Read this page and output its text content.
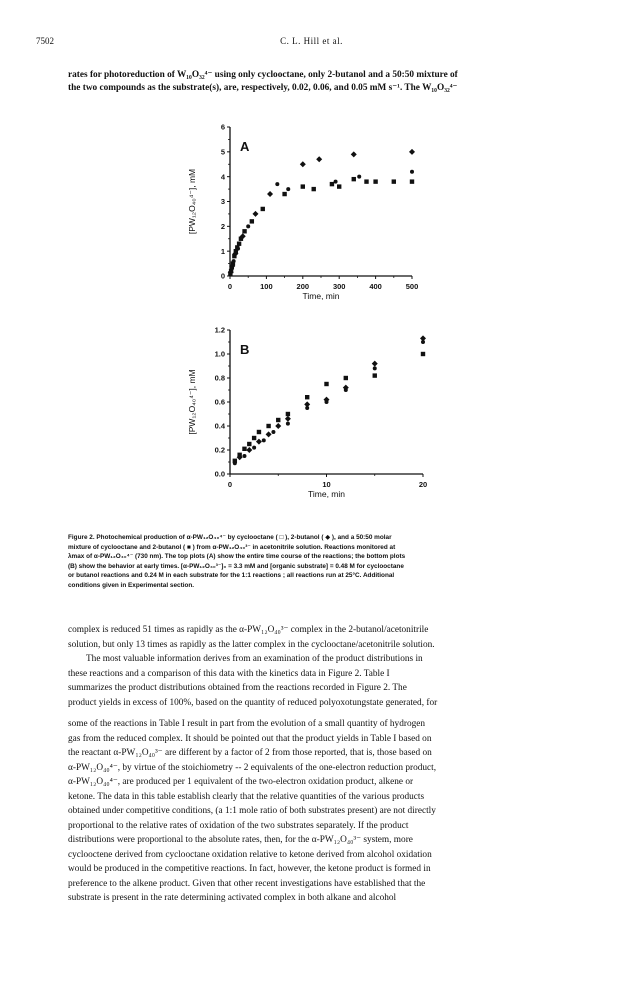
7502	C. L. Hill et al.
rates for photoreduction of W₁₀O₃₂⁴⁻ using only cyclooctane, only 2-butanol and a 50:50 mixture of
the two compounds as the substrate(s), are, respectively, 0.02, 0.06, and 0.05 mM s⁻¹. The W₁₀O₃₂⁴⁻
0
1
2
3
4
5
6
0	100	200	300	400	500
Time, min
[PW₁₂O₄₀⁴⁻], mM
A
0.0
0.2
0.4
0.6
0.8
1.0
1.2
0	10	20
Time, min
[PW₁₂O₄₀⁴⁻], mM
B
Figure 2. Photochemical production of α-PW₁₂O₄₀⁴⁻ by cyclooctane ( □ ), 2-butanol ( ◆ ), and a 50:50 molar
mixture of cyclooctane and 2-butanol ( ■ ) from α-PW₁₂O₄₀³⁻ in acetonitrile solution. Reactions monitored at
λmax of α-PW₁₂O₄₀⁴⁻ (730 nm). The top plots (A) show the entire time course of the reactions; the bottom plots
(B) show the behavior at early times. [α-PW₁₂O₄₀³⁻]₀ = 3.3 mM and [organic substrate] = 0.48 M for cyclooctane
or butanol reactions and 0.24 M in each substrate for the 1:1 reactions ; all reactions run at 25°C. Additional
conditions given in Experimental section.
complex is reduced 51 times as rapidly as the α-PW₁₂O₄₀³⁻ complex in the 2-butanol/acetonitrile
solution, but only 13 times as rapidly as the latter complex in the cyclooctane/acetonitrile solution.
The most valuable information derives from an examination of the product distributions in
these reactions and a comparison of this data with the kinetics data in Figure 2. Table I
summarizes the product distributions obtained from the reactions recorded in Figure 2. The
product yields in excess of 100%, based on the quantity of reduced polyoxotungstate generated, for
some of the reactions in Table I result in part from the evolution of a small quantity of hydrogen
gas from the reduced complex. It should be pointed out that the product yields in Table I based on
the reactant α-PW₁₂O₄₀³⁻ are different by a factor of 2 from those reported, that is, those based on
α-PW₁₂O₄₀⁴⁻, by virtue of the stoichiometry -- 2 equivalents of the one-electron reduction product,
α-PW₁₂O₄₀⁴⁻, are produced per 1 equivalent of the two-electron oxidation product, alkene or
ketone. The data in this table establish clearly that the relative quantities of the various products
obtained under competitive conditions, (a 1:1 mole ratio of both substrates present) are not directly
proportional to the relative rates of oxidation of the two substrates separately. If the product
distributions were proportional to the absolute rates, then, for the α-PW₁₂O₄₀³⁻ system, more
cyclooctene derived from cyclooctane oxidation relative to ketone derived from alcohol oxidation
would be produced in the competitive reactions. In fact, however, the ketone product is formed in
preference to the alkene product. Given that other recent investigations have established that the
substrate is present in the rate determining activated complex in both alkane and alcohol
